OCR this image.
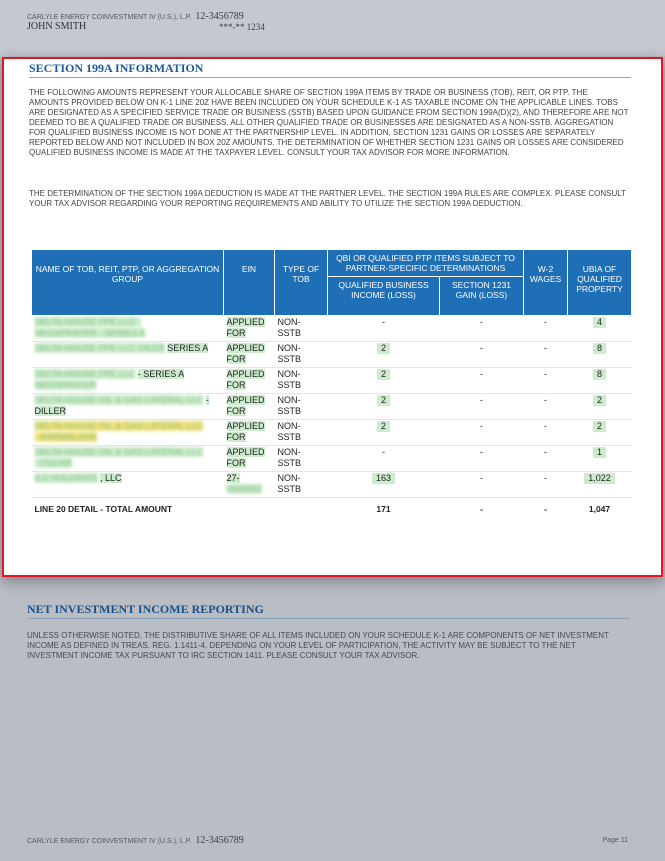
CARLYLE ENERGY COINVESTMENT IV (U.S.), L.P. 12-3456789
JOHN SMITH	***-** 1234
SECTION 199A INFORMATION

THE FOLLOWING AMOUNTS REPRESENT YOUR ALLOCABLE SHARE OF SECTION 199A ITEMS BY TRADE OR BUSINESS (TOB), REIT, OR PTP. THE AMOUNTS PROVIDED BELOW ON K-1 LINE 20Z HAVE BEEN INCLUDED ON YOUR SCHEDULE K-1 AS TAXABLE INCOME ON THE APPLICABLE LINES. TOBS ARE DESIGNATED AS A SPECIFIED SERVICE TRADE OR BUSINESS (SSTB) BASED UPON GUIDANCE FROM SECTION 199A(D)(2), AND THEREFORE ARE NOT DEEMED TO BE A QUALIFIED TRADE OR BUSINESS. ALL OTHER QUALIFIED TRADE OR BUSINESSES ARE DESIGNATED AS A NON-SSTB. AGGREGATION FOR QUALIFIED BUSINESS INCOME IS NOT DONE AT THE PARTNERSHIP LEVEL. IN ADDITION, SECTION 1231 GAINS OR LOSSES ARE SEPARATELY REPORTED BELOW AND NOT INCLUDED IN BOX 20Z AMOUNTS. THE DETERMINATION OF WHETHER SECTION 1231 GAINS OR LOSSES ARE CONSIDERED QUALIFIED BUSINESS INCOME IS MADE AT THE TAXPAYER LEVEL. CONSULT YOUR TAX ADVISOR FOR MORE INFORMATION.

THE DETERMINATION OF THE SECTION 199A DEDUCTION IS MADE AT THE PARTNER LEVEL. THE SECTION 199A RULES ARE COMPLEX. PLEASE CONSULT YOUR TAX ADVISOR REGARDING YOUR REPORTING REQUIREMENTS AND ABILITY TO UTILIZE THE SECTION 199A DEDUCTION.

NAME OF TOB, REIT, PTP, OR AGGREGATION GROUP	EIN	TYPE OF TOB	QBI OR QUALIFIED PTP ITEMS SUBJECT TO PARTNER-SPECIFIC DETERMINATIONS		W-2 WAGES	UBIA OF QUALIFIED PROPERTY
			QUALIFIED BUSINESS INCOME (LOSS)	SECTION 1231 GAIN (LOSS)		
DELTA HOUSE FPE LLC -
NEOSPRAYER - SERIES A	APPLIED
FOR	NON-
SSTB	-	-	-	4
DELTA HOUSE FPE LLC OILER SERIES A	APPLIED
FOR	NON-
SSTB	2	-	-	8
DELTA HOUSE FPE LLC - SERIES A
NEOSPRAYER	APPLIED
FOR	NON-
SSTB	2	-	-	8
DELTA HOUSE OIL & GAS LATERAL LLC - DILLER	APPLIED
FOR	NON-
SSTB	2	-	-	2
DELTA HOUSE OIL & GAS LATERAL LLC
- MARMALADE	APPLIED
FOR	NON-
SSTB	2	-	-	2
DELTA HOUSE OIL & GAS LATERAL LLC
- OSCAR	APPLIED
FOR	NON-
SSTB	-	-	-	1
ILX HOLDINGS , LLC	27-
5555555	NON-
SSTB	163	-	-	1,022
LINE 20 DETAIL - TOTAL AMOUNT			171	-	-	1,047
NET INVESTMENT INCOME REPORTING

UNLESS OTHERWISE NOTED, THE DISTRIBUTIVE SHARE OF ALL ITEMS INCLUDED ON YOUR SCHEDULE K-1 ARE COMPONENTS OF NET INVESTMENT INCOME AS DEFINED IN TREAS. REG. 1.1411-4. DEPENDING ON YOUR LEVEL OF PARTICIPATION, THE ACTIVITY MAY BE SUBJECT TO THE NET INVESTMENT INCOME TAX PURSUANT TO IRC SECTION 1411. PLEASE CONSULT YOUR TAX ADVISOR.

CARLYLE ENERGY COINVESTMENT IV (U.S.), L.P. 12-3456789	Page 11
